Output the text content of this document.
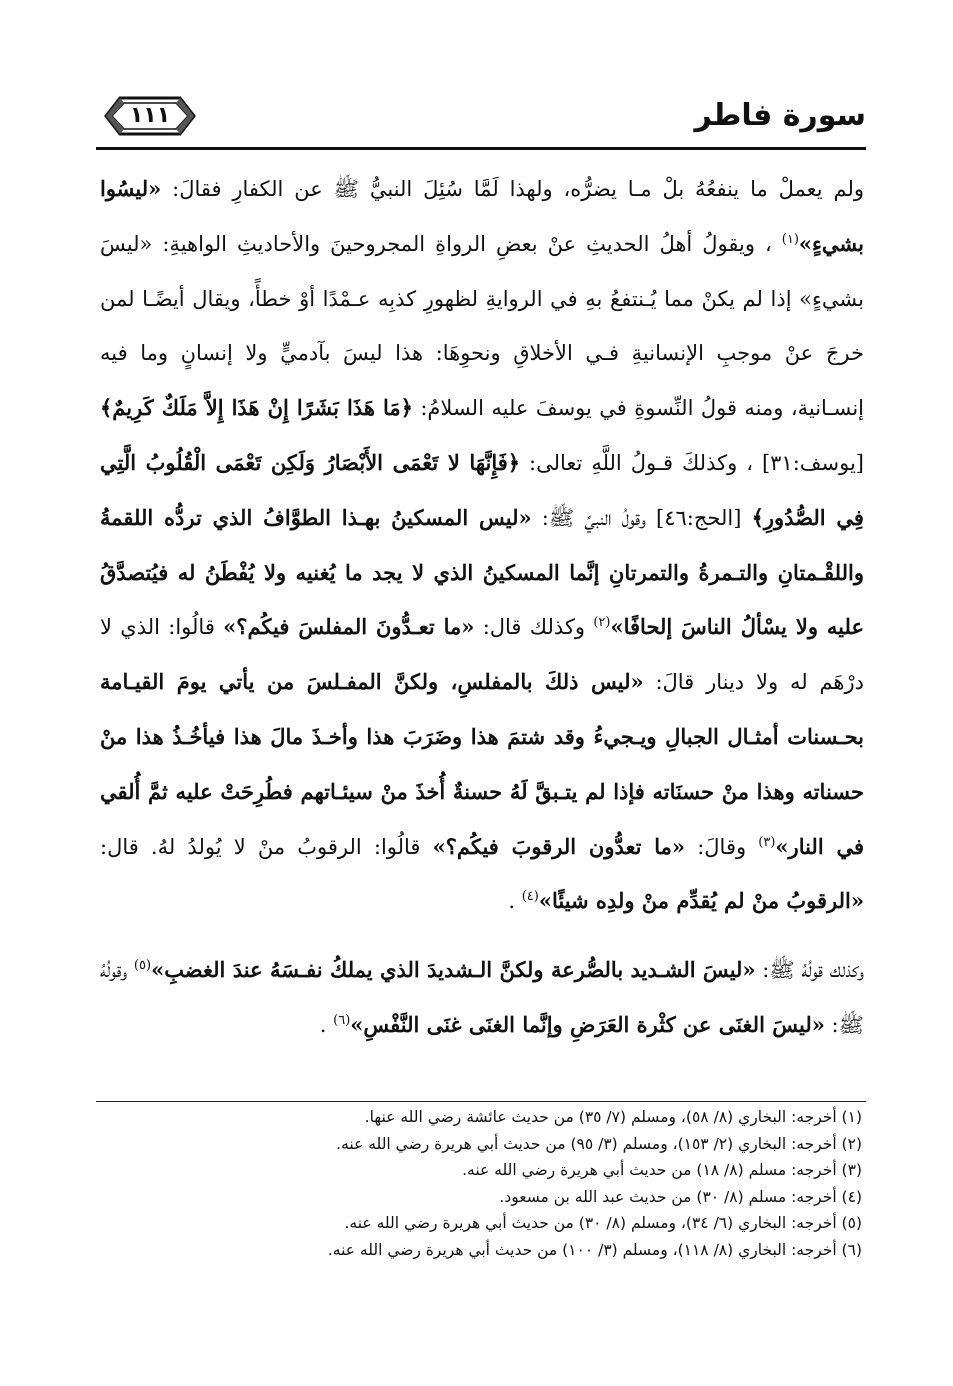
سورة فاطر
١١١

ولم يعملْ ما ينفعُهُ بلْ مـا يضرُّه، ولهذا لَمَّا سُئِلَ النبيُّ ﷺ عن الكفارِ فقالَ: «ليسُوا بشيءٍ»$^{(١)}$ ، ويقولُ أهلُ الحديثِ عنْ بعضِ الرواةِ المجروحينَ والأحاديثِ الواهيةِ: «ليسَ بشيءٍ» إذا لم يكنْ مما يُـنتفعُ بهِ في الروايةِ لظهورِ كذبِه عـمْدًا أوْ خطأً، ويقال أيضًـا لمن خرجَ عنْ موجبِ الإنسانيةِ فـي الأخلاقِ ونحوِهَا: هذا ليسَ بآدميٍّ ولا إنسانٍ وما فيه إنسـانية، ومنه قولُ النِّسوةِ في يوسفَ عليه السلامُ: ﴿مَا هَذَا بَشَرًا إِنْ هَذَا إِلاَّ مَلَكٌ كَرِيمٌ﴾ [يوسف:٣١] ، وكذلكَ قـولُ اللَّهِ تعالى: ﴿فَإِنَّهَا لا تَعْمَى الأَبْصَارُ وَلَكِن تَعْمَى الْقُلُوبُ الَّتِي فِي الصُّدُورِ﴾ [الحج:٤٦] وقولُ النبيِّ ﷺ: «ليس المسكينُ بهـذا الطوَّافُ الذي تردُّه اللقمةُ واللقْـمتانِ والتـمرةُ والتمرتانِ إنَّما المسكينُ الذي لا يجد ما يُغنيه ولا يُفْطَنُ له فيُتصدَّقُ عليه ولا يسْألُ الناسَ إلحافًا»$^{(٢)}$ وكذلك قال: «ما تعـدُّونَ المفلسَ فيكُم؟» قالُوا: الذي لا درْهَم له ولا دينار قالَ: «ليس ذلكَ بالمفلسِ، ولكنَّ المفـلسَ من يأتي يومَ القيـامة بحـسنات أمثـال الجبالِ ويـجيءُ وقد شتمَ هذا وضَرَبَ هذا وأخـذَ مالَ هذا فيأخُـذُ هذا منْ حسناته وهذا منْ حسنَاته فإذا لم يتـبقَّ لَهُ حسنةٌ أُخذَ منْ سيئـاتهم فطُرِحَتْ عليه ثمَّ أُلقي في النار»$^{(٣)}$ وقالَ: «ما تعدُّون الرقوبَ فيكُم؟» قالُوا: الرقوبُ منْ لا يُولدُ لهُ. قال: «الرقوبُ منْ لم يُقدِّم منْ ولدِه شيئًا»$^{(٤)}$ .

وكذلك قولُهُ ﷺ: «ليسَ الشـديد بالصُّرعة ولكنَّ الـشديدَ الذي يملكُ نفـسَهُ عندَ الغضبِ»$^{(٥)}$ وقولُهُ ﷺ: «ليسَ الغنَى عن كثْرة العَرَضِ وإنَّما الغنَى غنَى النَّفْسِ»$^{(٦)}$ .

(١) أخرجه: البخاري (٨/ ٥٨)، ومسلم (٧/ ٣٥) من حديث عائشة رضي الله عنها.
(٢) أخرجه: البخاري (٢/ ١٥٣)، ومسلم (٣/ ٩٥) من حديث أبي هريرة رضي الله عنه.
(٣) أخرجه: مسلم (٨/ ١٨) من حديث أبي هريرة رضي الله عنه.
(٤) أخرجه: مسلم (٨/ ٣٠) من حديث عبد الله بن مسعود.
(٥) أخرجه: البخاري (٦/ ٣٤)، ومسلم (٨/ ٣٠) من حديث أبي هريرة رضي الله عنه.
(٦) أخرجه: البخاري (٨/ ١١٨)، ومسلم (٣/ ١٠٠) من حديث أبي هريرة رضي الله عنه.
